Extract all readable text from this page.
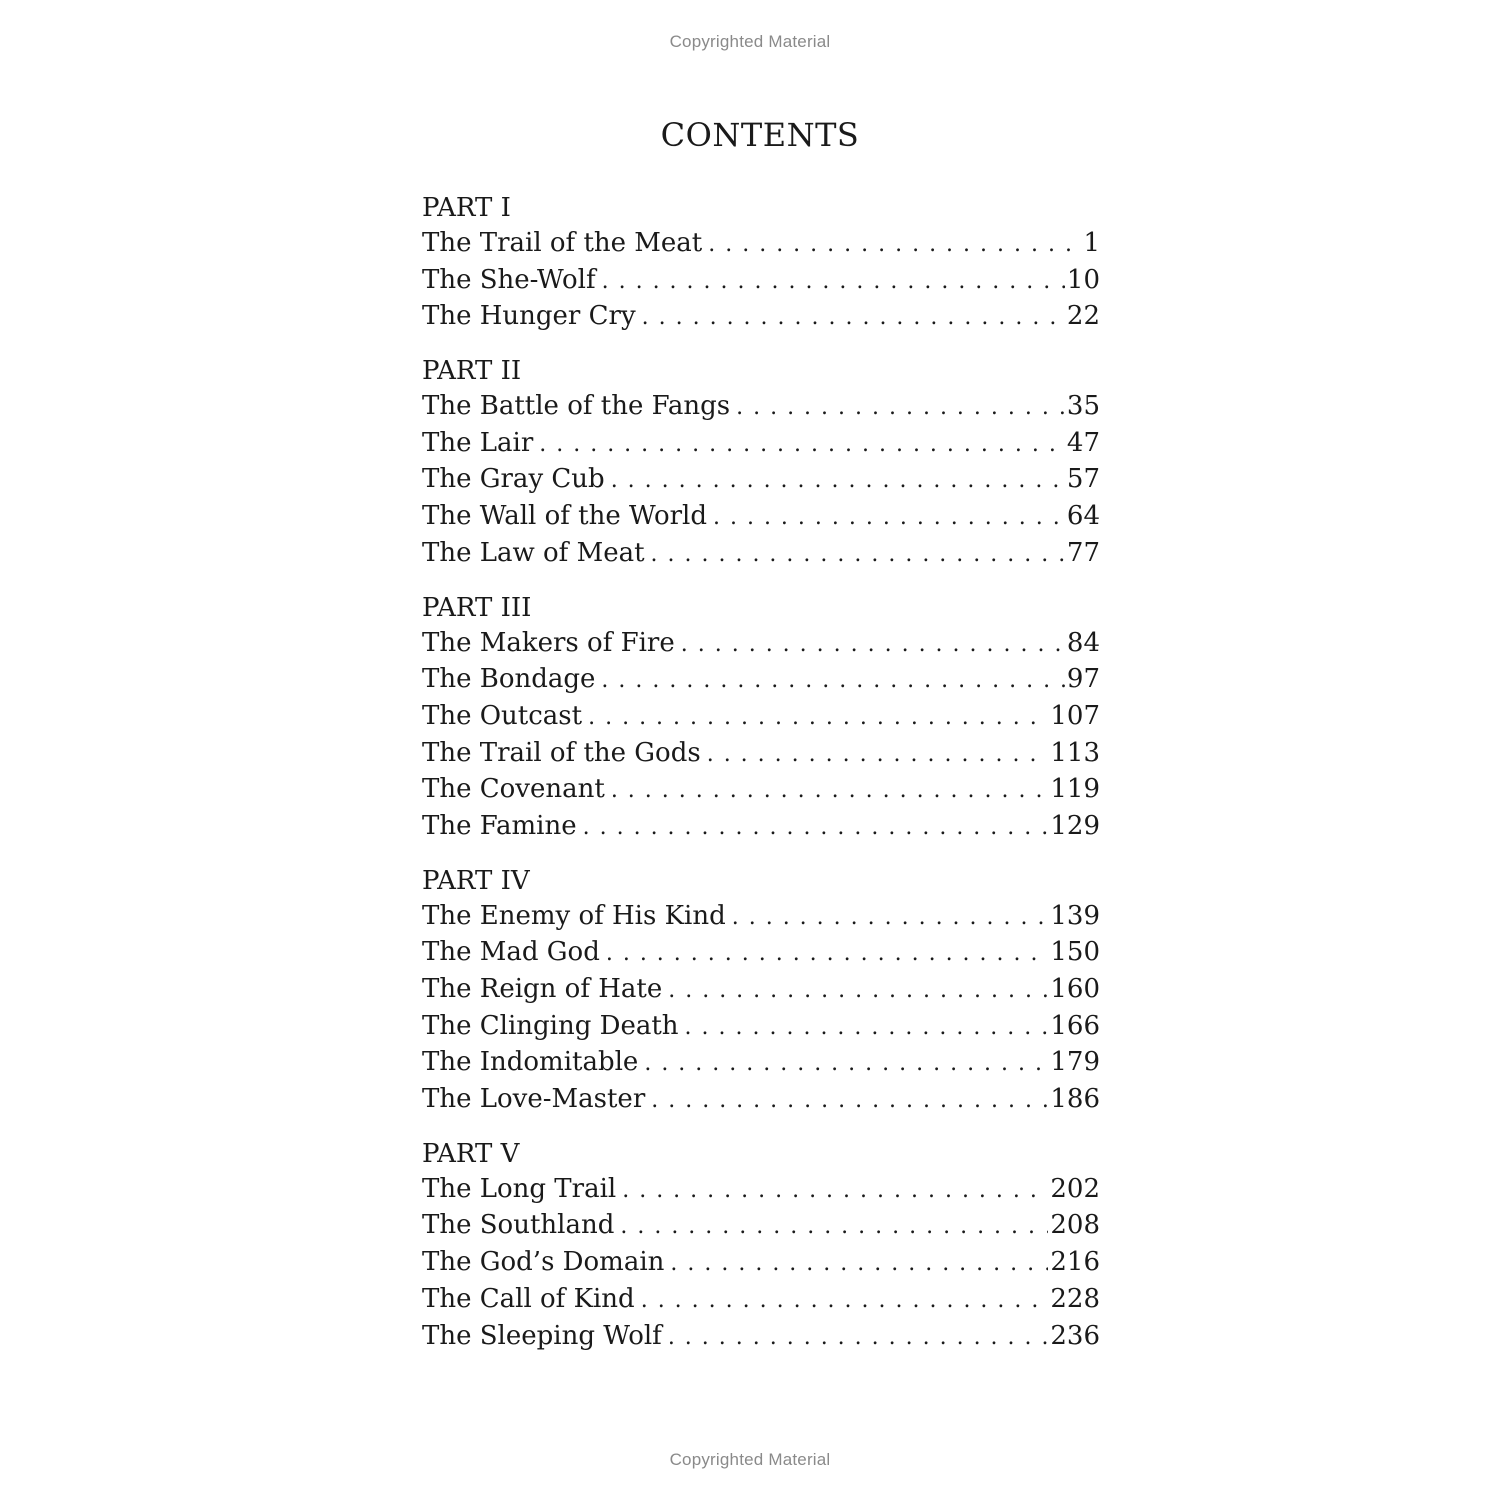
Copyrighted Material
CONTENTS
PART I
The Trail of the Meat . . .	1
The She-Wolf . . .	10
The Hunger Cry . . .	22
PART II
The Battle of the Fangs . . .	35
The Lair . . .	47
The Gray Cub . . .	57
The Wall of the World . . .	64
The Law of Meat . . .	77
PART III
The Makers of Fire . . .	84
The Bondage . . .	97
The Outcast . . .	107
The Trail of the Gods . . .	113
The Covenant . . .	119
The Famine . . .	129
PART IV
The Enemy of His Kind . . .	139
The Mad God . . .	150
The Reign of Hate . . .	160
The Clinging Death . . .	166
The Indomitable . . .	179
The Love-Master . . .	186
PART V
The Long Trail . . .	202
The Southland . . .	208
The God’s Domain . . .	216
The Call of Kind . . .	228
The Sleeping Wolf . . .	236
Copyrighted Material
